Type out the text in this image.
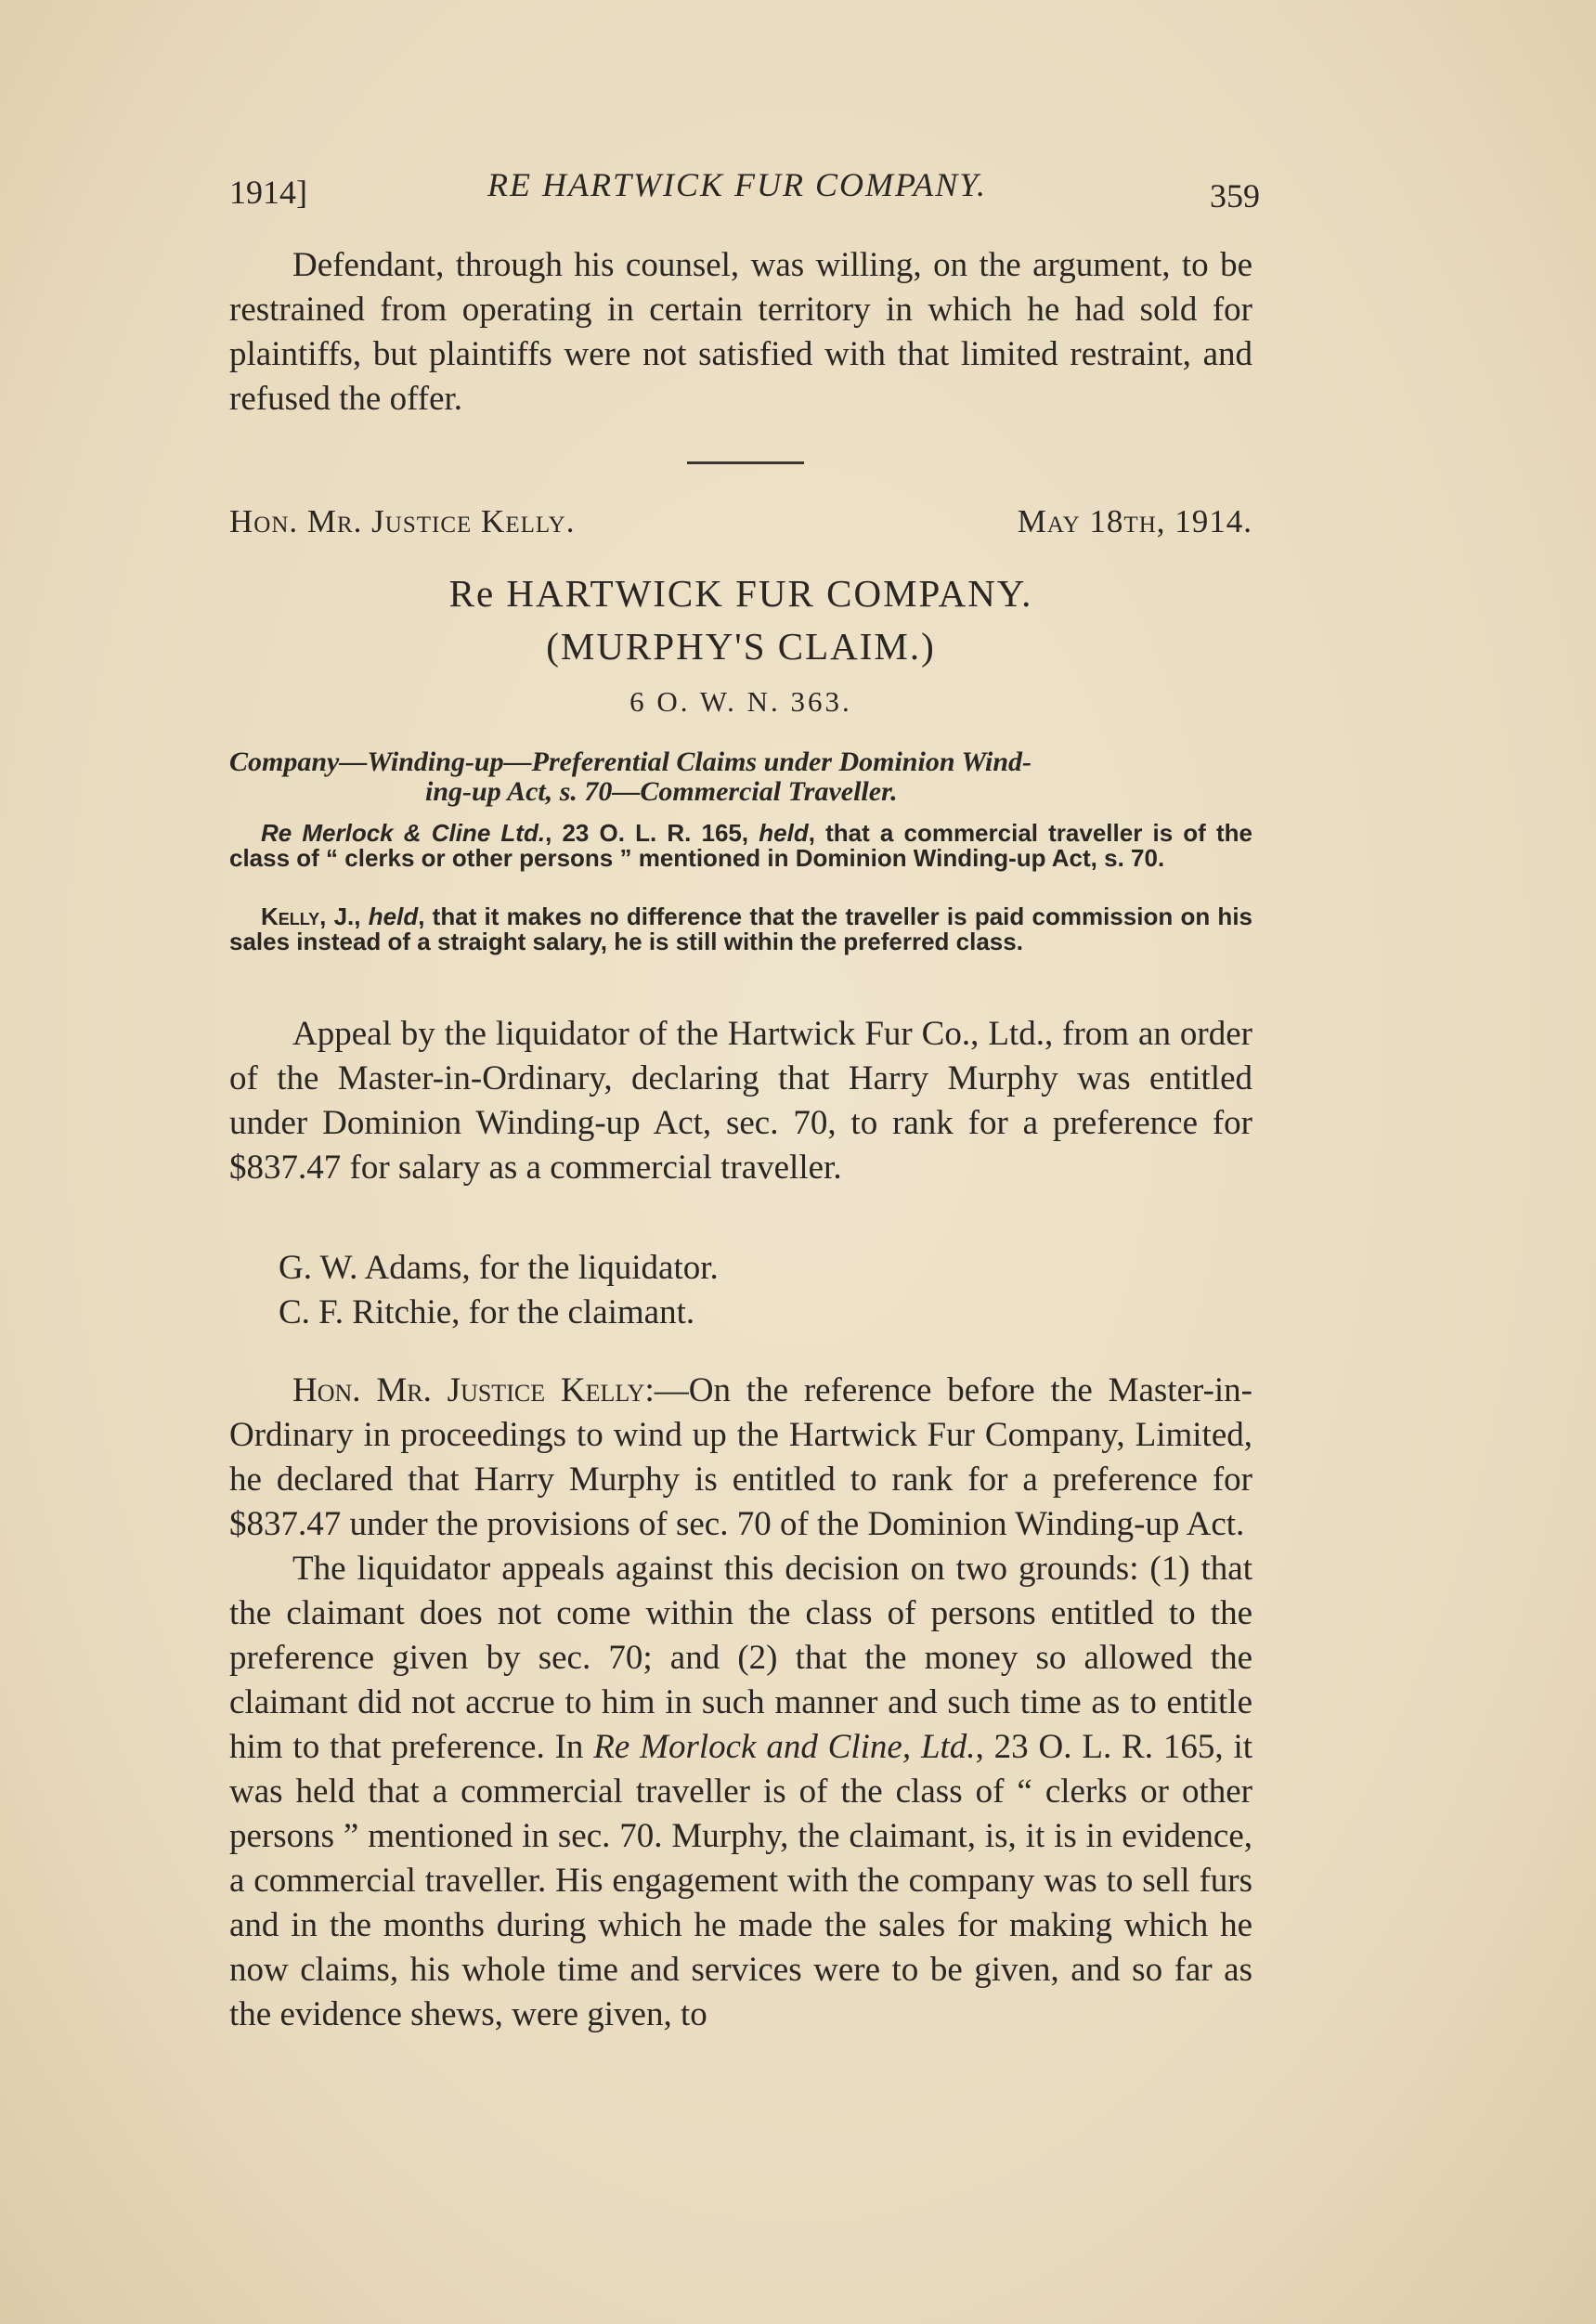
1914]	RE HARTWICK FUR COMPANY.	359

Defendant, through his counsel, was willing, on the argument, to be restrained from operating in certain territory in which he had sold for plaintiffs, but plaintiffs were not satisfied with that limited restraint, and refused the offer.

Hon. Mr. Justice Kelly.	May 18th, 1914.
Re HARTWICK FUR COMPANY.
(MURPHY'S CLAIM.)
6 O. W. N. 363.
Company—Winding-up—Preferential Claims under Dominion Wind-
ing-up Act, s. 70—Commercial Traveller.
Re Merlock & Cline Ltd., 23 O. L. R. 165, held, that a commercial traveller is of the class of “ clerks or other persons ” mentioned in Dominion Winding-up Act, s. 70.
Kelly, J., held, that it makes no difference that the traveller is paid commission on his sales instead of a straight salary, he is still within the preferred class.

Appeal by the liquidator of the Hartwick Fur Co., Ltd., from an order of the Master-in-Ordinary, declaring that Harry Murphy was entitled under Dominion Winding-up Act, sec. 70, to rank for a preference for $837.47 for salary as a commercial traveller.

G. W. Adams, for the liquidator.
C. F. Ritchie, for the claimant.

Hon. Mr. Justice Kelly:—On the reference before the Master-in-Ordinary in proceedings to wind up the Hartwick Fur Company, Limited, he declared that Harry Murphy is entitled to rank for a preference for $837.47 under the provisions of sec. 70 of the Dominion Winding-up Act.

The liquidator appeals against this decision on two grounds: (1) that the claimant does not come within the class of persons entitled to the preference given by sec. 70; and (2) that the money so allowed the claimant did not accrue to him in such manner and such time as to entitle him to that preference. In Re Morlock and Cline, Ltd., 23 O. L. R. 165, it was held that a commercial traveller is of the class of “ clerks or other persons ” mentioned in sec. 70. Murphy, the claimant, is, it is in evidence, a commercial traveller. His engagement with the company was to sell furs and in the months during which he made the sales for making which he now claims, his whole time and services were to be given, and so far as the evidence shews, were given, to
